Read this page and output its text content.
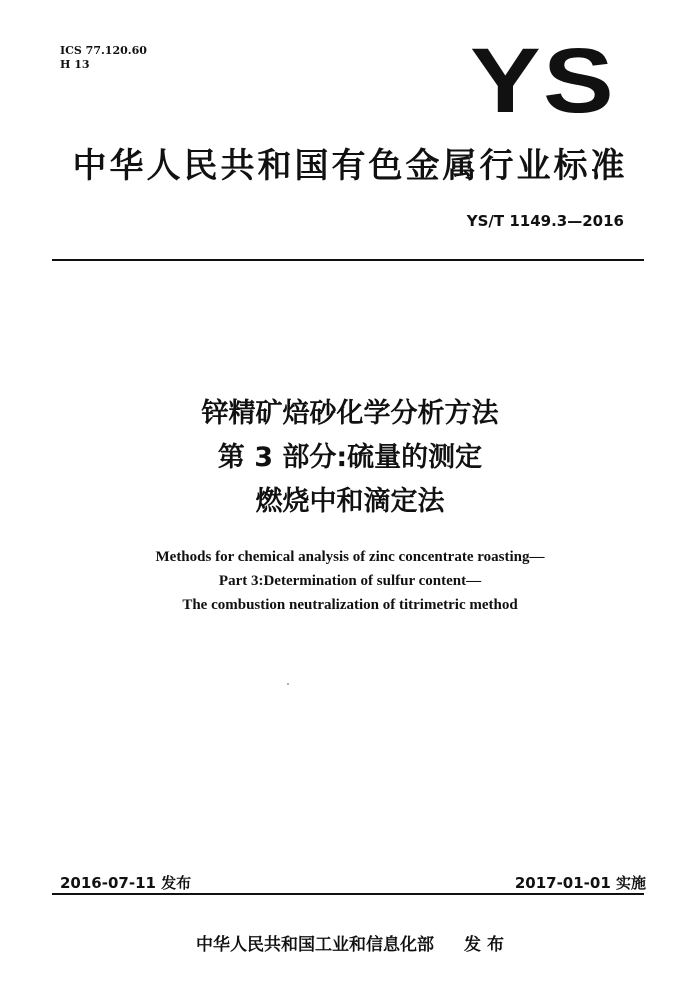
ICS 77.120.60
H 13	YS
中华人民共和国有色金属行业标准
YS/T 1149.3—2016
锌精矿焙砂化学分析方法
第 3 部分:硫量的测定
燃烧中和滴定法
Methods for chemical analysis of zinc concentrate roasting—
Part 3:Determination of sulfur content—
The combustion neutralization of titrimetric method
2016-07-11 发布	2017-01-01 实施
中华人民共和国工业和信息化部 发 布
